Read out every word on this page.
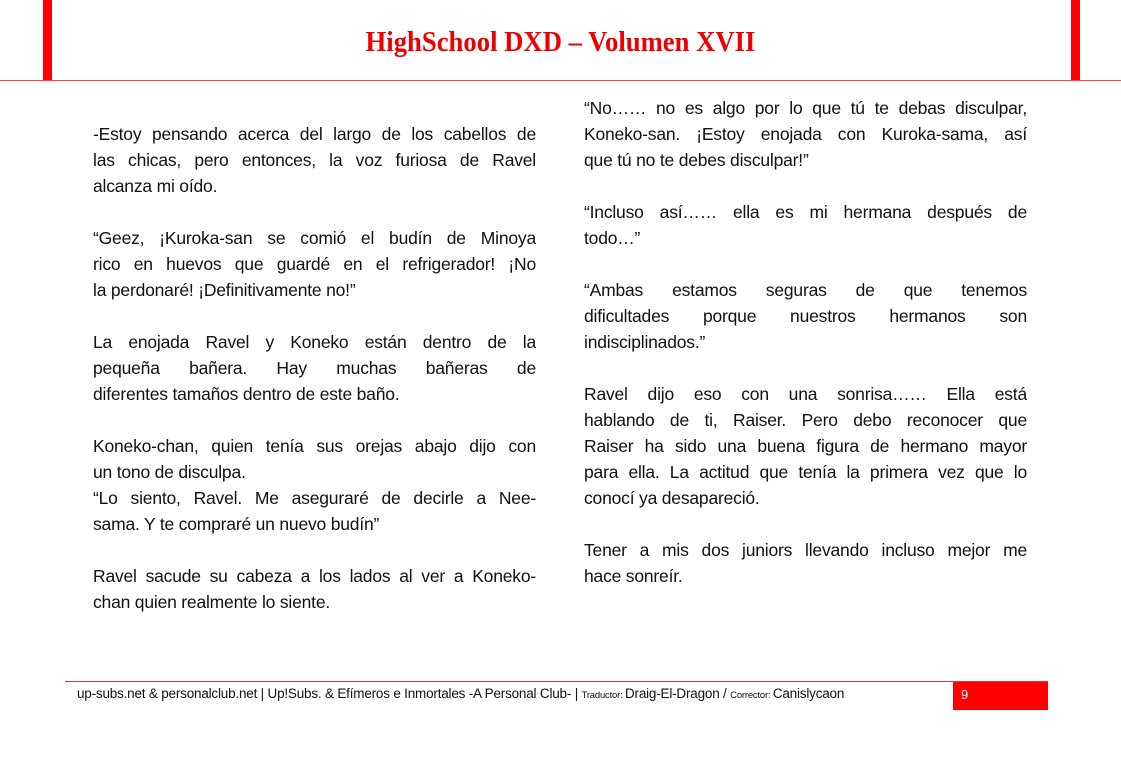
HighSchool DXD – Volumen XVII
-Estoy pensando acerca del largo de los cabellos de
las chicas, pero entonces, la voz furiosa de Ravel
alcanza mi oído.
“Geez, ¡Kuroka-san se comió el budín de Minoya
rico en huevos que guardé en el refrigerador! ¡No
la perdonaré! ¡Definitivamente no!”
La enojada Ravel y Koneko están dentro de la
pequeña bañera. Hay muchas bañeras de
diferentes tamaños dentro de este baño.
Koneko-chan, quien tenía sus orejas abajo dijo con
un tono de disculpa.
“Lo siento, Ravel. Me aseguraré de decirle a Nee-
sama. Y te compraré un nuevo budín”
Ravel sacude su cabeza a los lados al ver a Koneko-
chan quien realmente lo siente.
“No…… no es algo por lo que tú te debas disculpar,
Koneko-san. ¡Estoy enojada con Kuroka-sama, así
que tú no te debes disculpar!”
“Incluso así…… ella es mi hermana después de
todo…”
“Ambas estamos seguras de que tenemos
dificultades porque nuestros hermanos son
indisciplinados.”
Ravel dijo eso con una sonrisa…… Ella está
hablando de ti, Raiser. Pero debo reconocer que
Raiser ha sido una buena figura de hermano mayor
para ella. La actitud que tenía la primera vez que lo
conocí ya desapareció.
Tener a mis dos juniors llevando incluso mejor me
hace sonreír.
up-subs.net & personalclub.net | Up!Subs. & Efímeros e Inmortales -A Personal Club- | Traductor: Draig-El-Dragon / Corrector: Canislycaon	9
